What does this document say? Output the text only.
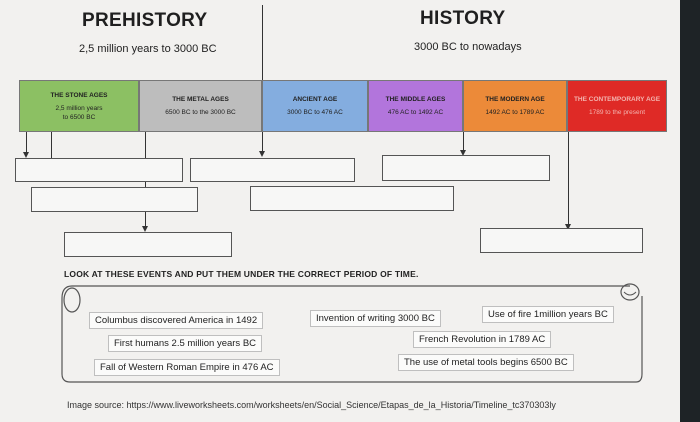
PREHISTORY
2,5 million years to 3000 BC
HISTORY
3000 BC to nowadays
THE STONE AGES
2,5 million years
to 6500 BC
THE METAL AGES
6500 BC to the 3000 BC
ANCIENT AGE
3000 BC to 476 AC
THE MIDDLE AGES
476 AC to 1492 AC
THE MODERN AGE
1492 AC to 1789 AC
THE CONTEMPORARY AGE
1789 to the present
LOOK AT THESE EVENTS AND PUT THEM UNDER THE CORRECT PERIOD OF TIME.
Columbus discovered America in 1492	Invention of writing 3000 BC	Use of fire 1million years BC
First humans 2.5 million years BC	French Revolution in 1789 AC
Fall of Western Roman Empire in 476 AC	The use of metal tools begins 6500 BC
Image source: https://www.liveworksheets.com/worksheets/en/Social_Science/Etapas_de_la_Historia/Timeline_tc370303ly
